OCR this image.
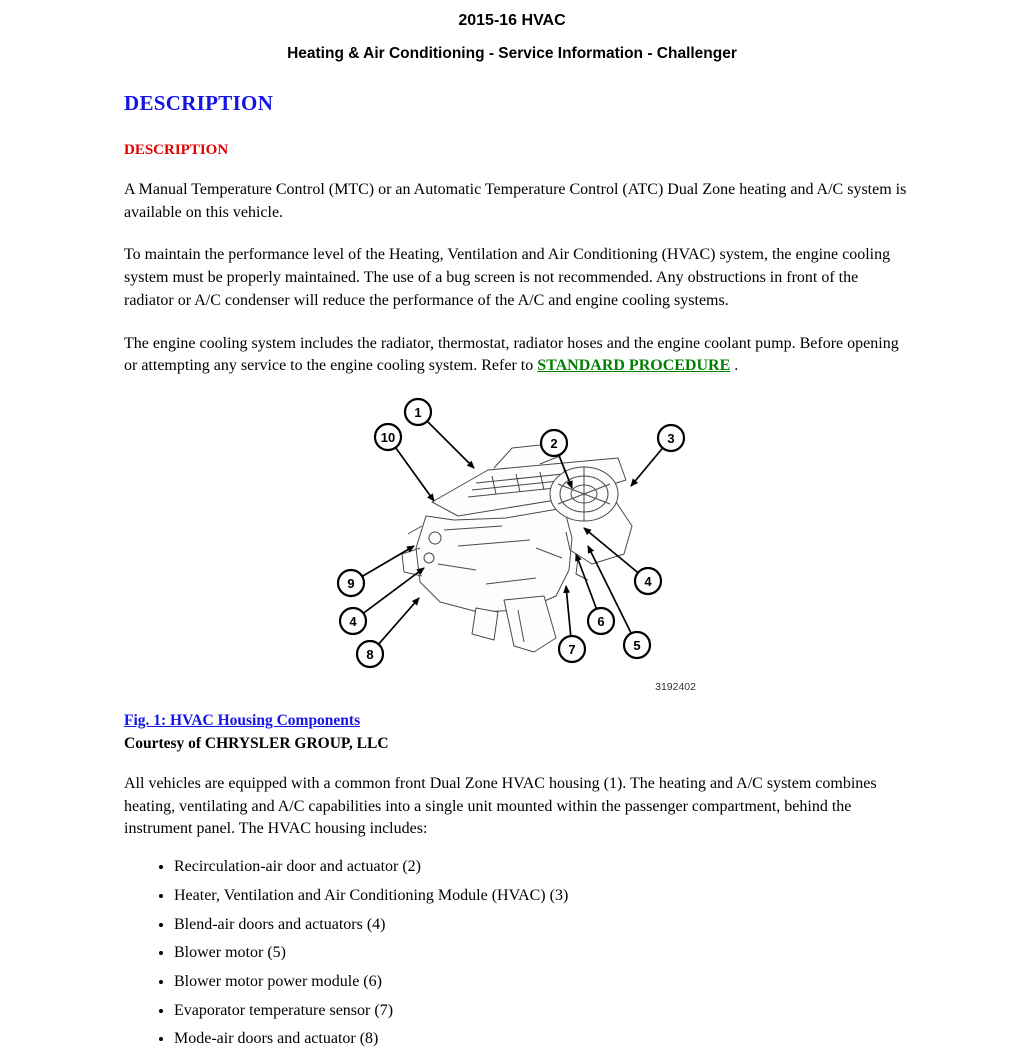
2015-16 HVAC
Heating & Air Conditioning - Service Information - Challenger
DESCRIPTION
DESCRIPTION

A Manual Temperature Control (MTC) or an Automatic Temperature Control (ATC) Dual Zone heating and A/C system is available on this vehicle.

To maintain the performance level of the Heating, Ventilation and Air Conditioning (HVAC) system, the engine cooling system must be properly maintained. The use of a bug screen is not recommended. Any obstructions in front of the radiator or A/C condenser will reduce the performance of the A/C and engine cooling systems.

The engine cooling system includes the radiator, thermostat, radiator hoses and the engine coolant pump. Before opening or attempting any service to the engine cooling system. Refer to STANDARD PROCEDURE .

1
10	2	3
9
4
8
4
6
5
7
3192402
Fig. 1: HVAC Housing Components
Courtesy of CHRYSLER GROUP, LLC

All vehicles are equipped with a common front Dual Zone HVAC housing (1). The heating and A/C system combines heating, ventilating and A/C capabilities into a single unit mounted within the passenger compartment, behind the instrument panel. The HVAC housing includes:

• Recirculation-air door and actuator (2)
• Heater, Ventilation and Air Conditioning Module (HVAC) (3)
• Blend-air doors and actuators (4)
• Blower motor (5)
• Blower motor power module (6)
• Evaporator temperature sensor (7)
• Mode-air doors and actuator (8)
